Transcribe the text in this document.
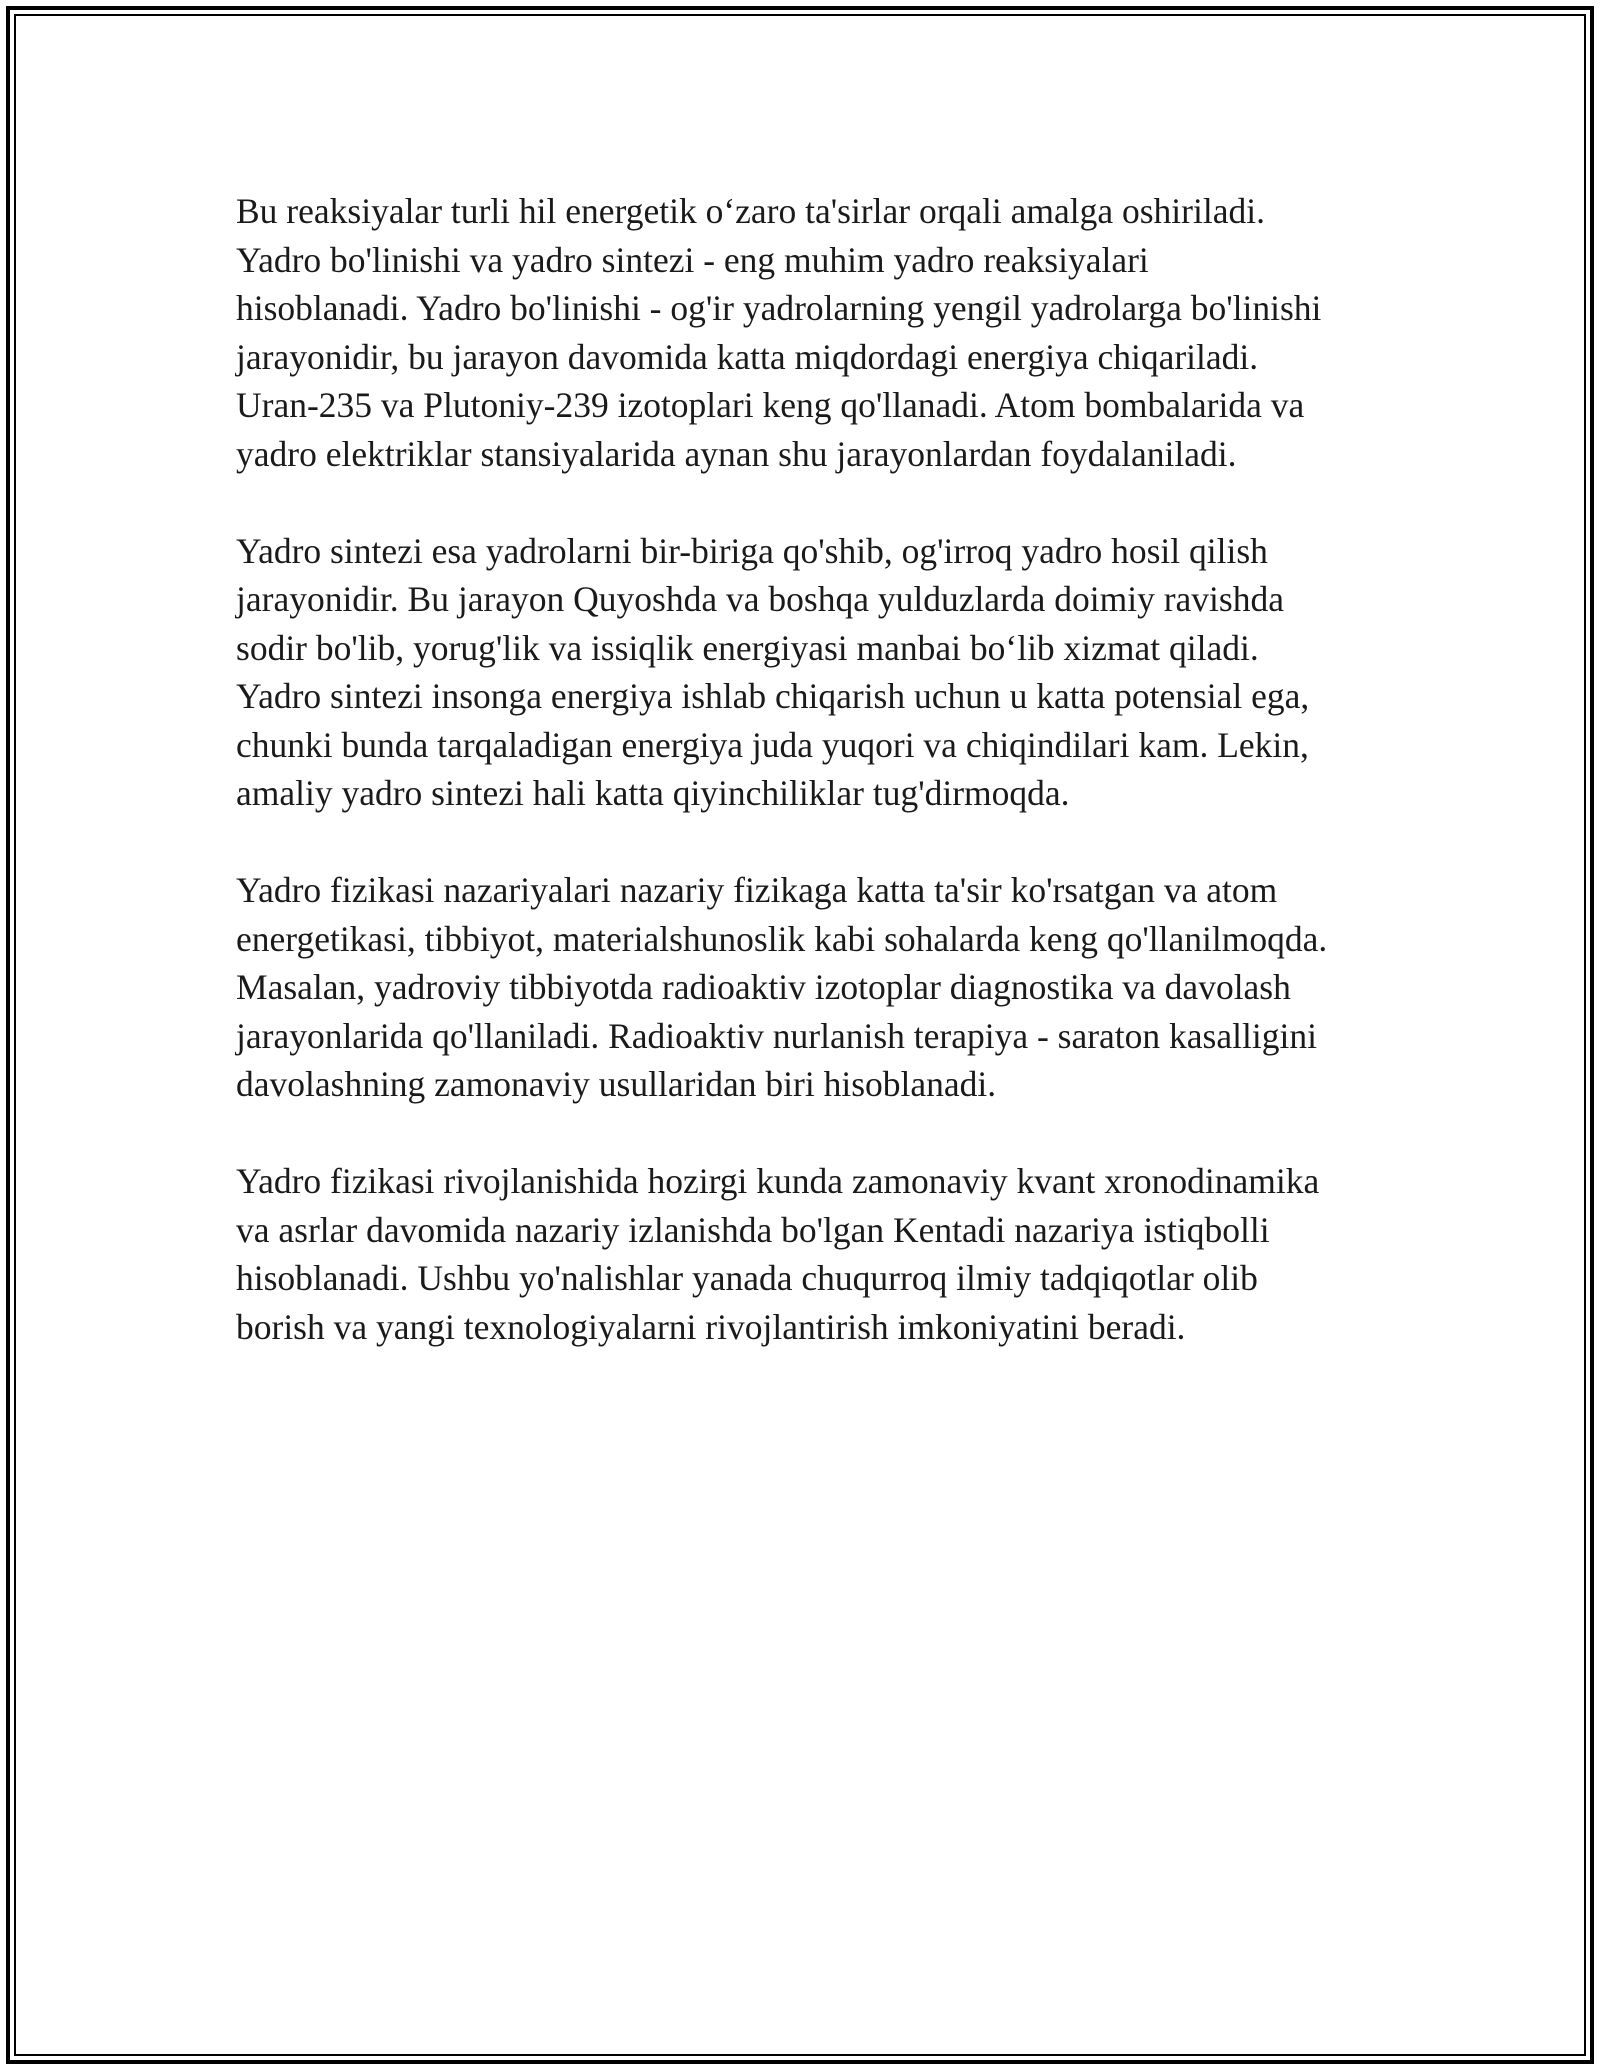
Bu reaksiyalar turli hil energetik o‘zaro ta'sirlar orqali amalga oshiriladi.
Yadro bo'linishi va yadro sintezi - eng muhim yadro reaksiyalari
hisoblanadi. Yadro bo'linishi - og'ir yadrolarning yengil yadrolarga bo'linishi
jarayonidir, bu jarayon davomida katta miqdordagi energiya chiqariladi.
Uran-235 va Plutoniy-239 izotoplari keng qo'llanadi. Atom bombalarida va
yadro elektriklar stansiyalarida aynan shu jarayonlardan foydalaniladi.

Yadro sintezi esa yadrolarni bir-biriga qo'shib, og'irroq yadro hosil qilish
jarayonidir. Bu jarayon Quyoshda va boshqa yulduzlarda doimiy ravishda
sodir bo'lib, yorug'lik va issiqlik energiyasi manbai bo‘lib xizmat qiladi.
Yadro sintezi insonga energiya ishlab chiqarish uchun u katta potensial ega,
chunki bunda tarqaladigan energiya juda yuqori va chiqindilari kam. Lekin,
amaliy yadro sintezi hali katta qiyinchiliklar tug'dirmoqda.

Yadro fizikasi nazariyalari nazariy fizikaga katta ta'sir ko'rsatgan va atom
energetikasi, tibbiyot, materialshunoslik kabi sohalarda keng qo'llanilmoqda.
Masalan, yadroviy tibbiyotda radioaktiv izotoplar diagnostika va davolash
jarayonlarida qo'llaniladi. Radioaktiv nurlanish terapiya - saraton kasalligini
davolashning zamonaviy usullaridan biri hisoblanadi.

Yadro fizikasi rivojlanishida hozirgi kunda zamonaviy kvant xronodinamika
va asrlar davomida nazariy izlanishda bo'lgan Kentadi nazariya istiqbolli
hisoblanadi. Ushbu yo'nalishlar yanada chuqurroq ilmiy tadqiqotlar olib
borish va yangi texnologiyalarni rivojlantirish imkoniyatini beradi.
